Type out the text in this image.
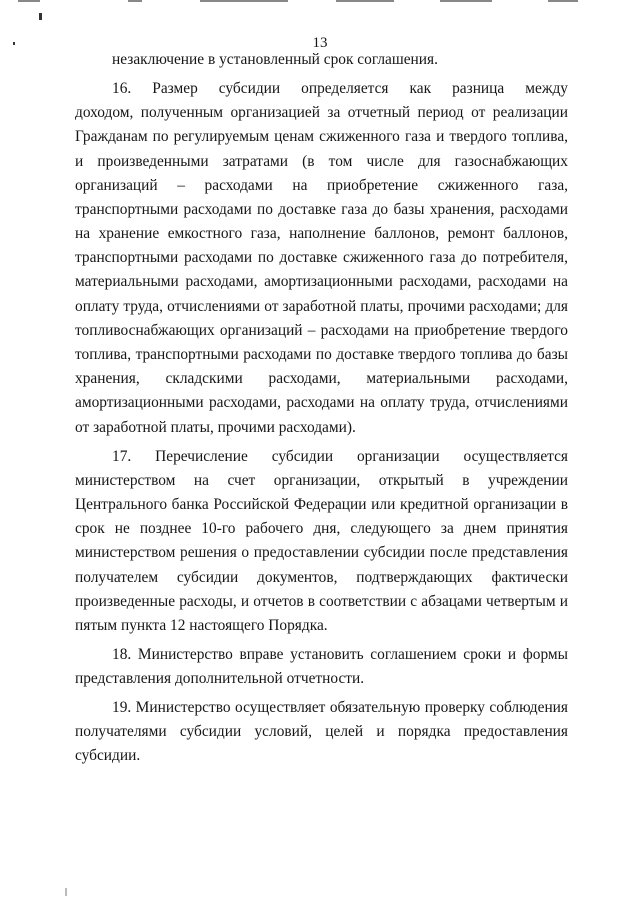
13
незаключение в установленный срок соглашения.
16.   Размер   субсидии   определяется   как   разница   между
доходом, полученным организацией за отчетный период от реализации
Гражданам по регулируемым ценам сжиженного газа и твердого топлива,
и произведенными затратами (в том числе для газоснабжающих
организаций – расходами на приобретение сжиженного газа,
транспортными расходами по доставке газа до базы хранения, расходами
на хранение емкостного газа, наполнение баллонов, ремонт баллонов,
транспортными расходами по доставке сжиженного газа до потребителя,
материальными расходами, амортизационными расходами, расходами на
оплату труда, отчислениями от заработной платы, прочими расходами; для
топливоснабжающих организаций – расходами на приобретение твердого
топлива, транспортными расходами по доставке твердого топлива до базы
хранения, складскими расходами, материальными расходами,
амортизационными расходами, расходами на оплату труда, отчислениями
от заработной платы, прочими расходами).
17.   Перечисление   субсидии   организации   осуществляется
министерством на счет организации, открытый в учреждении
Центрального банка Российской Федерации или кредитной организации в
срок не позднее 10-го рабочего дня, следующего за днем принятия
министерством решения о предоставлении субсидии после представления
получателем субсидии документов, подтверждающих фактически
произведенные расходы, и отчетов в соответствии с абзацами четвертым и
пятым пункта 12 настоящего Порядка.
18. Министерство вправе установить соглашением сроки и формы
представления дополнительной отчетности.
19. Министерство осуществляет обязательную проверку соблюдения
получателями субсидии условий, целей и порядка предоставления
субсидии.
